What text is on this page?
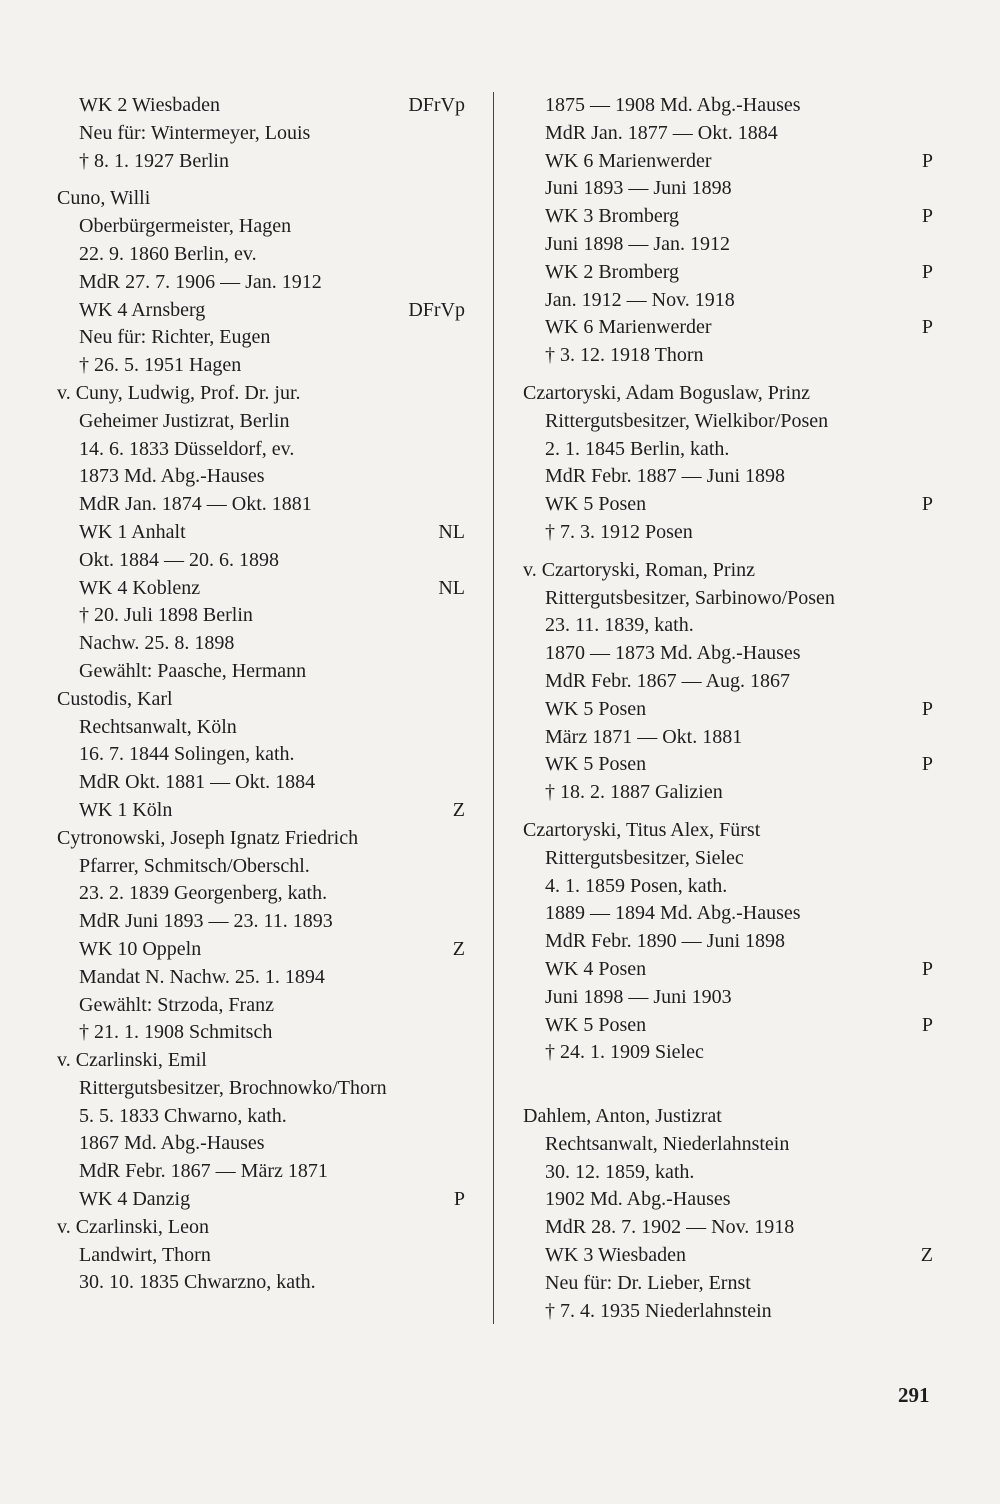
WK 2 Wiesbaden	DFrVp
Neu für: Wintermeyer, Louis
† 8. 1. 1927 Berlin
Cuno, Willi
Oberbürgermeister, Hagen
22. 9. 1860 Berlin, ev.
MdR 27. 7. 1906 — Jan. 1912
WK 4 Arnsberg	DFrVp
Neu für: Richter, Eugen
† 26. 5. 1951 Hagen
v. Cuny, Ludwig, Prof. Dr. jur.
Geheimer Justizrat, Berlin
14. 6. 1833 Düsseldorf, ev.
1873 Md. Abg.-Hauses
MdR Jan. 1874 — Okt. 1881
WK 1 Anhalt	NL
Okt. 1884 — 20. 6. 1898
WK 4 Koblenz	NL
† 20. Juli 1898 Berlin
Nachw. 25. 8. 1898
Gewählt: Paasche, Hermann
Custodis, Karl
Rechtsanwalt, Köln
16. 7. 1844 Solingen, kath.
MdR Okt. 1881 — Okt. 1884
WK 1 Köln	Z
Cytronowski, Joseph Ignatz Friedrich
Pfarrer, Schmitsch/Oberschl.
23. 2. 1839 Georgenberg, kath.
MdR Juni 1893 — 23. 11. 1893
WK 10 Oppeln	Z
Mandat N. Nachw. 25. 1. 1894
Gewählt: Strzoda, Franz
† 21. 1. 1908 Schmitsch
v. Czarlinski, Emil
Rittergutsbesitzer, Brochnowko/Thorn
5. 5. 1833 Chwarno, kath.
1867 Md. Abg.-Hauses
MdR Febr. 1867 — März 1871
WK 4 Danzig	P
v. Czarlinski, Leon
Landwirt, Thorn
30. 10. 1835 Chwarzno, kath.
1875 — 1908 Md. Abg.-Hauses
MdR Jan. 1877 — Okt. 1884
WK 6 Marienwerder	P
Juni 1893 — Juni 1898
WK 3 Bromberg	P
Juni 1898 — Jan. 1912
WK 2 Bromberg	P
Jan. 1912 — Nov. 1918
WK 6 Marienwerder	P
† 3. 12. 1918 Thorn
Czartoryski, Adam Boguslaw, Prinz
Rittergutsbesitzer, Wielkibor/Posen
2. 1. 1845 Berlin, kath.
MdR Febr. 1887 — Juni 1898
WK 5 Posen	P
† 7. 3. 1912 Posen
v. Czartoryski, Roman, Prinz
Rittergutsbesitzer, Sarbinowo/Posen
23. 11. 1839, kath.
1870 — 1873 Md. Abg.-Hauses
MdR Febr. 1867 — Aug. 1867
WK 5 Posen	P
März 1871 — Okt. 1881
WK 5 Posen	P
† 18. 2. 1887 Galizien
Czartoryski, Titus Alex, Fürst
Rittergutsbesitzer, Sielec
4. 1. 1859 Posen, kath.
1889 — 1894 Md. Abg.-Hauses
MdR Febr. 1890 — Juni 1898
WK 4 Posen	P
Juni 1898 — Juni 1903
WK 5 Posen	P
† 24. 1. 1909 Sielec
Dahlem, Anton, Justizrat
Rechtsanwalt, Niederlahnstein
30. 12. 1859, kath.
1902 Md. Abg.-Hauses
MdR 28. 7. 1902 — Nov. 1918
WK 3 Wiesbaden	Z
Neu für: Dr. Lieber, Ernst
† 7. 4. 1935 Niederlahnstein
291
